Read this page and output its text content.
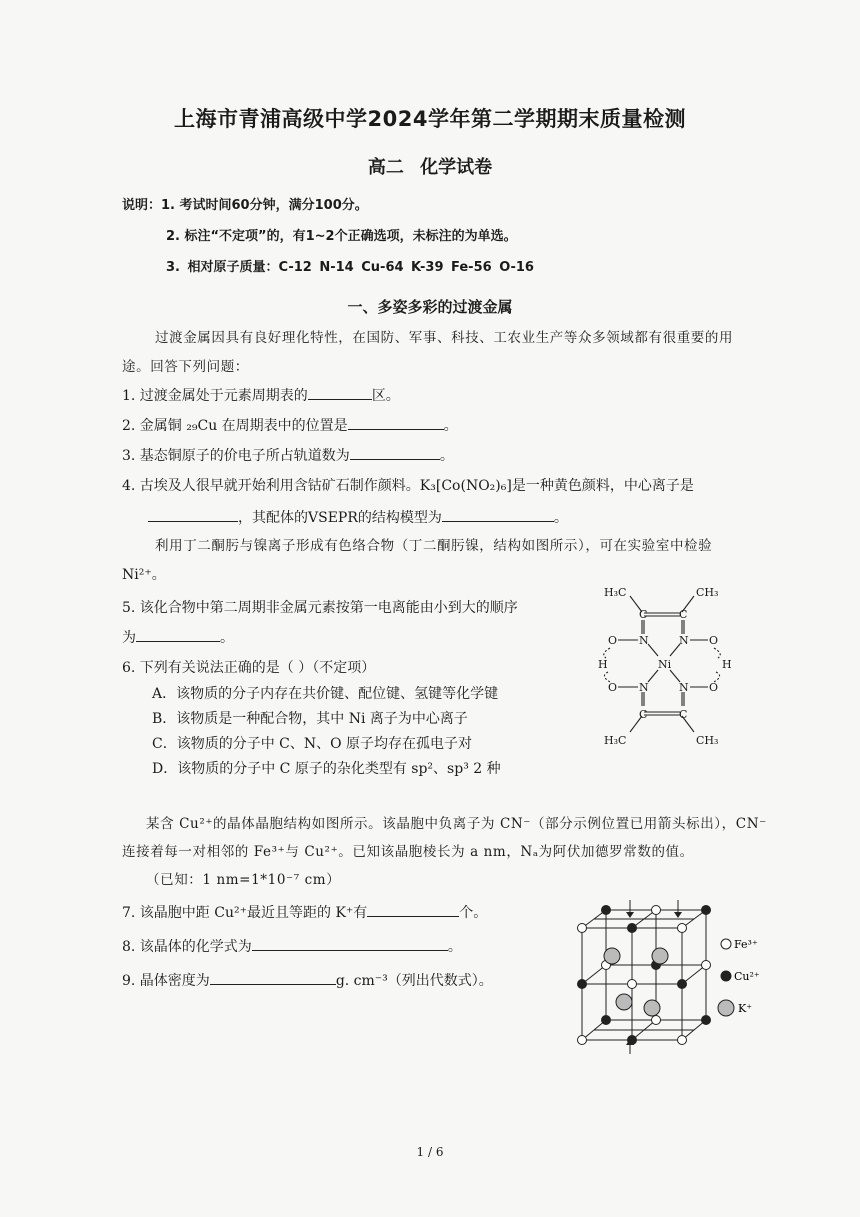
上海市青浦高级中学2024学年第二学期期末质量检测
高二 化学试卷
说明：1. 考试时间60分钟，满分100分。
2. 标注“不定项”的，有1~2个正确选项，未标注的为单选。
3. 相对原子质量：C-12 N-14 Cu-64 K-39 Fe-56 O-16
一、多姿多彩的过渡金属
过渡金属因具有良好理化特性，在国防、军事、科技、工农业生产等众多领域都有很重要的用
途。回答下列问题：
1. 过渡金属处于元素周期表的	区。
2. 金属铜 ₂₉Cu 在周期表中的位置是	。
3. 基态铜原子的价电子所占轨道数为	。
4. 古埃及人很早就开始利用含钴矿石制作颜料。K₃[Co(NO₂)₆]是一种黄色颜料，中心离子是
，其配体的VSEPR的结构模型为	。
利用丁二酮肟与镍离子形成有色络合物（丁二酮肟镍，结构如图所示），可在实验室中检验
Ni²⁺。
5. 该化合物中第二周期非金属元素按第一电离能由小到大的顺序
为	。
6. 下列有关说法正确的是（ ）（不定项）
A．该物质的分子内存在共价键、配位键、氢键等化学键
B．该物质是一种配合物，其中 Ni 离子为中心离子
C．该物质的分子中 C、N、O 原子均存在孤电子对
D．该物质的分子中 C 原子的杂化类型有 sp²、sp³ 2 种
H₃C	CH₃
C	C
N	N
O	O
Ni
H	H
O	O
N	N
C	C
H₃C	CH₃
某含 Cu²⁺的晶体晶胞结构如图所示。该晶胞中负离子为 CN⁻（部分示例位置已用箭头标出），CN⁻
连接着每一对相邻的 Fe³⁺与 Cu²⁺。已知该晶胞棱长为 a nm，Nₐ为阿伏加德罗常数的值。
（已知：1 nm=1*10⁻⁷ cm）
7. 该晶胞中距 Cu²⁺最近且等距的 K⁺有	个。
8. 该晶体的化学式为	。
9. 晶体密度为	g. cm⁻³（列出代数式）。
Fe³⁺
Cu²⁺
K⁺
1 / 6
